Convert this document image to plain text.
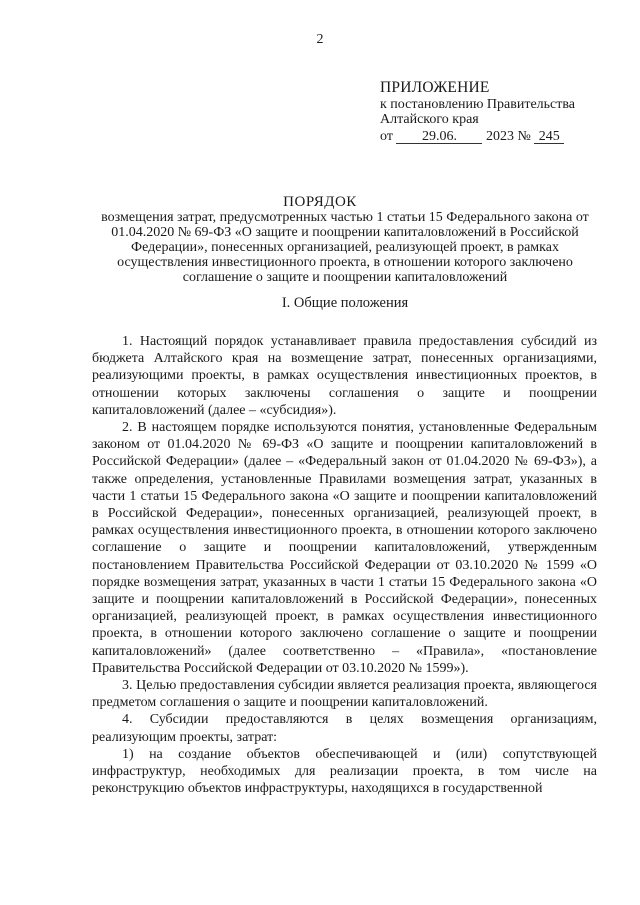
2
ПРИЛОЖЕНИЕ
к постановлению Правительства
Алтайского края
от 29.06. 2023 № 245
ПОРЯДОК
возмещения затрат, предусмотренных частью 1 статьи 15 Федерального закона от 01.04.2020 № 69-ФЗ «О защите и поощрении капиталовложений в Российской Федерации», понесенных организацией, реализующей проект, в рамках осуществления инвестиционного проекта, в отношении которого заключено соглашение о защите и поощрении капиталовложений
I. Общие положения

1. Настоящий порядок устанавливает правила предоставления субсидий из бюджета Алтайского края на возмещение затрат, понесенных организациями, реализующими проекты, в рамках осуществления инвестиционных проектов, в отношении которых заключены соглашения о защите и поощрении капиталовложений (далее – «субсидия»).

2. В настоящем порядке используются понятия, установленные Федеральным законом от 01.04.2020 № 69-ФЗ «О защите и поощрении капиталовложений в Российской Федерации» (далее – «Федеральный закон от 01.04.2020 № 69-ФЗ»), а также определения, установленные Правилами возмещения затрат, указанных в части 1 статьи 15 Федерального закона «О защите и поощрении капиталовложений в Российской Федерации», понесенных организацией, реализующей проект, в рамках осуществления инвестиционного проекта, в отношении которого заключено соглашение о защите и поощрении капиталовложений, утвержденным постановлением Правительства Российской Федерации от 03.10.2020 № 1599 «О порядке возмещения затрат, указанных в части 1 статьи 15 Федерального закона «О защите и поощрении капиталовложений в Российской Федерации», понесенных организацией, реализующей проект, в рамках осуществления инвестиционного проекта, в отношении которого заключено соглашение о защите и поощрении капиталовложений» (далее соответственно – «Правила», «постановление Правительства Российской Федерации от 03.10.2020 № 1599»).

3. Целью предоставления субсидии является реализация проекта, являющегося предметом соглашения о защите и поощрении капиталовложений.

4. Субсидии предоставляются в целях возмещения организациям, реализующим проекты, затрат:

1) на создание объектов обеспечивающей и (или) сопутствующей инфраструктур, необходимых для реализации проекта, в том числе на реконструкцию объектов инфраструктуры, находящихся в государственной
